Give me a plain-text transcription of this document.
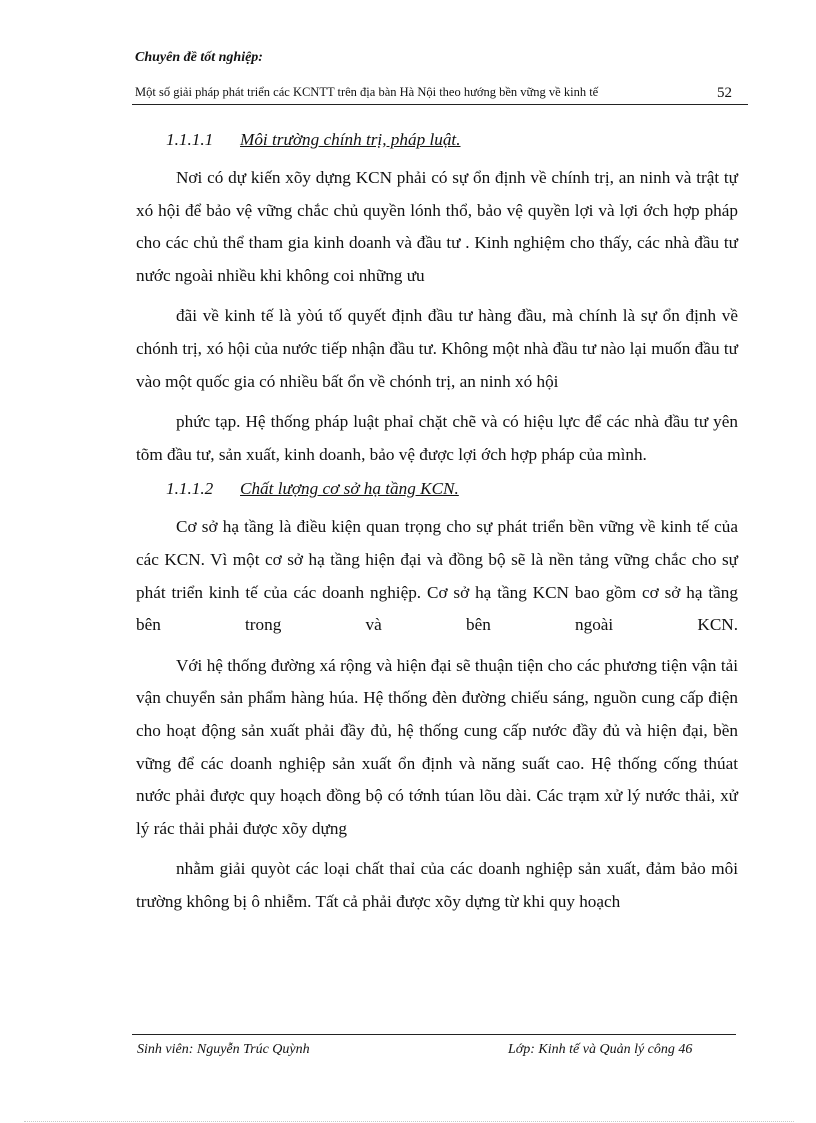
Chuyên đề tốt nghiệp:
Một số giải pháp phát triển các KCNTT trên địa bàn Hà Nội theo hướng bền vững về kinh tế	52
1.1.1.1 Môi trường chính trị, pháp luật.

Nơi có dự kiến xõy dựng KCN phải có sự ổn định về chính trị, an ninh và trật tự xó hội để bảo vệ vững chắc chủ quyền lónh thổ, bảo vệ quyền lợi và lợi ớch hợp pháp cho các chủ thể tham gia kinh doanh và đầu tư . Kinh nghiệm cho thấy, các nhà đầu tư nước ngoài nhiều khi không coi những ưu

đãi về kinh tế là yòú tố quyết định đầu tư hàng đầu, mà chính là sự ổn định về chónh trị, xó hội của nước tiếp nhận đầu tư. Không một nhà đầu tư nào lại muốn đầu tư vào một quốc gia có nhiều bất ổn về chónh trị, an ninh xó hội

phức tạp. Hệ thống pháp luật phaỉ chặt chẽ và có hiệu lực để các nhà đầu tư yên tõm đầu tư, sản xuất, kinh doanh, bảo vệ được lợi ớch hợp pháp của mình.

1.1.1.2 Chất lượng cơ sở hạ tầng KCN.

Cơ sở hạ tầng là điều kiện quan trọng cho sự phát triển bền vững về kinh tế của các KCN. Vì một cơ sở hạ tầng hiện đại và đồng bộ sẽ là nền tảng vững chắc cho sự phát triển kinh tế của các doanh nghiệp. Cơ sở hạ tầng KCN bao gồm cơ sở hạ tầng bên trong và bên ngoài KCN.

Với hệ thống đường xá rộng và hiện đại sẽ thuận tiện cho các phương tiện vận tải vận chuyển sản phẩm hàng húa. Hệ thống đèn đường chiếu sáng, nguồn cung cấp điện cho hoạt động sản xuất phải đầy đủ, hệ thống cung cấp nước đầy đủ và hiện đại, bền vững để các doanh nghiệp sản xuất ổn định và năng suất cao. Hệ thống cống thúat nước phải được quy hoạch đồng bộ có tớnh túan lõu dài. Các trạm xử lý nước thải, xử lý rác thải phải được xõy dựng

nhằm giải quyòt các loại chất thaỉ của các doanh nghiệp sản xuất, đảm bảo môi trường không bị ô nhiễm. Tất cả phải được xõy dựng từ khi quy hoạch

Sinh viên: Nguyễn Trúc Quỳnh	Lớp: Kinh tế và Quản lý công 46
